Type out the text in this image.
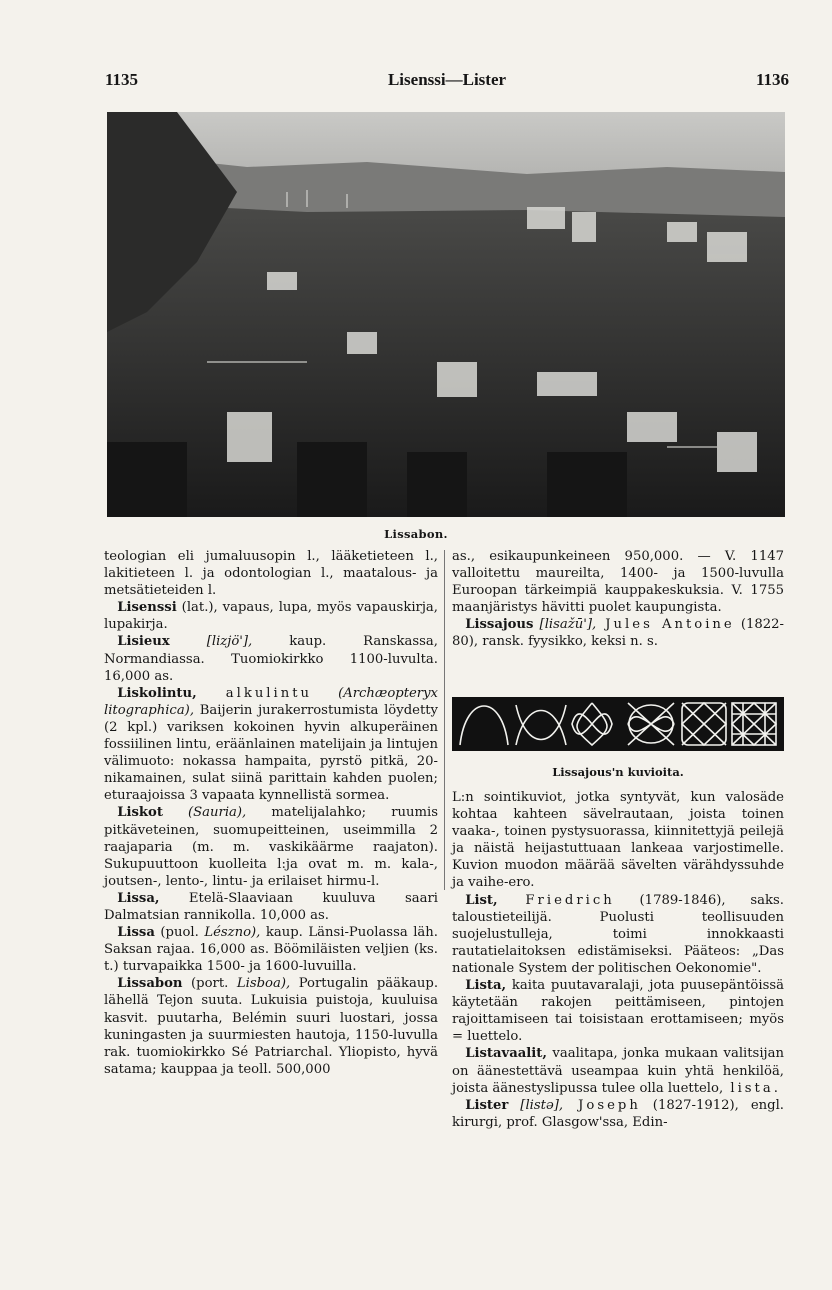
1135	Lisenssi—Lister	1136
Lissabon.

teologian eli jumaluusopin l., lääketieteen l., lakitieteen l. ja odontologian l., maatalous- ja metsätieteiden l.

 Lisenssi (lat.), vapaus, lupa, myös vapauskirja, lupakirja.

 Lisieux [lizjö'], kaup. Ranskassa, Normandiassa. Tuomiokirkko 1100-luvulta. 16,000 as.

 Liskolintu, alkulintu (Archæopteryx litographica), Baijerin jurakerrostumista löydetty (2 kpl.) variksen kokoinen hyvin alkuperäinen fossiilinen lintu, eräänlainen matelijain ja lintujen välimuoto: nokassa hampaita, pyrstö pitkä, 20-nikamainen, sulat siinä parittain kahden puolen; eturaajoissa 3 vapaata kynnellistä sormea.

 Liskot (Sauria), matelijalahko; ruumis pitkäveteinen, suomupeitteinen, useimmilla 2 raajaparia (m. m. vaskikäärme raajaton). Sukupuuttoon kuolleita l:ja ovat m. m. kala-, joutsen-, lento-, lintu- ja erilaiset hirmu-l.

 Lissa, Etelä-Slaaviaan kuuluva saari Dalmatsian rannikolla. 10,000 as.

 Lissa (puol. Lészno), kaup. Länsi-Puolassa läh. Saksan rajaa. 16,000 as. Böömiläisten veljien (ks. t.) turvapaikka 1500- ja 1600-luvuilla.

 Lissabon (port. Lisboa), Portugalin pääkaup. lähellä Tejon suuta. Lukuisia puistoja, kuuluisa kasvit. puutarha, Belémin suuri luostari, jossa kuningasten ja suurmiesten hautoja, 1150-luvulla rak. tuomiokirkko Sé Patriarchal. Yliopisto, hyvä satama; kauppaa ja teoll. 500,000

as., esikaupunkeineen 950,000. — V. 1147 valloitettu maureilta, 1400- ja 1500-luvulla Euroopan tärkeimpiä kauppakeskuksia. V. 1755 maanjäristys hävitti puolet kaupungista.

 Lissajous [lisažū'], Jules Antoine (1822-80), ransk. fyysikko, keksi n. s.

Lissajous'n kuvioita.

L:n sointikuviot, jotka syntyvät, kun valosäde kohtaa kahteen sävelrautaan, joista toinen vaaka-, toinen pystysuorassa, kiinnitettyjä peilejä ja näistä heijastuttuaan lankeaa varjostimelle. Kuvion muodon määrää sävelten värähdyssuhde ja vaihe-ero.

 List, Friedrich (1789-1846), saks. taloustieteilijä. Puolusti teollisuuden suojelustulleja, toimi innokkaasti rautatielaitoksen edistämiseksi. Pääteos: „Das nationale System der politischen Oekonomie".

 Lista, kaita puutavaralaji, jota puusepäntöissä käytetään rakojen peittämiseen, pintojen rajoittamiseen tai toisistaan erottamiseen; myös = luettelo.

 Listavaalit, vaalitapa, jonka mukaan valitsijan on äänestettävä useampaa kuin yhtä henkilöä, joista äänestyslipussa tulee olla luettelo, lista.

 Lister [listə], Joseph (1827-1912), engl. kirurgi, prof. Glasgow'ssa, Edin-
